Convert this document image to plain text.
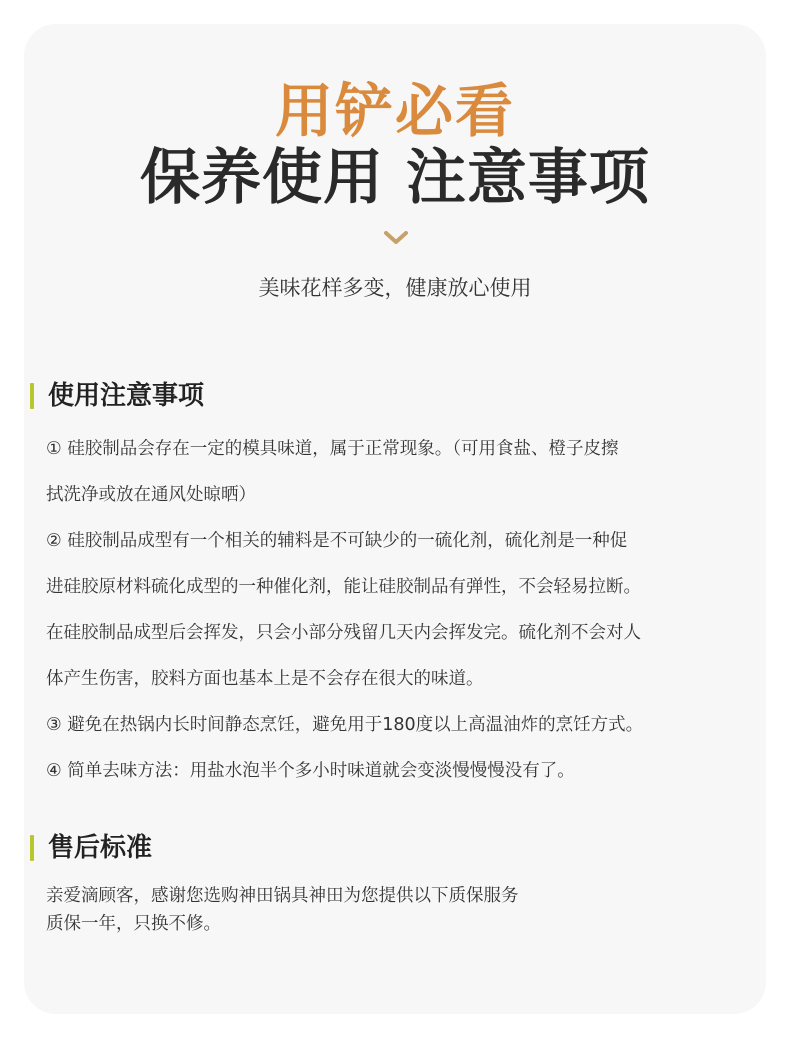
用铲必看
保养使用 注意事项
美味花样多变，健康放心使用
使用注意事项

① 硅胶制品会存在一定的模具味道，属于正常现象。（可用食盐、橙子皮擦

拭洗净或放在通风处晾晒）

② 硅胶制品成型有一个相关的辅料是不可缺少的一硫化剂，硫化剂是一种促

进硅胶原材料硫化成型的一种催化剂，能让硅胶制品有弹性，不会轻易拉断。

在硅胶制品成型后会挥发，只会小部分残留几天内会挥发完。硫化剂不会对人

体产生伤害，胶料方面也基本上是不会存在很大的味道。

③ 避免在热锅内长时间静态烹饪，避免用于180度以上高温油炸的烹饪方式。

④ 简单去味方法：用盐水泡半个多小时味道就会变淡慢慢慢没有了。

售后标准

亲爱滴顾客，感谢您选购神田锅具神田为您提供以下质保服务

质保一年，只换不修。
